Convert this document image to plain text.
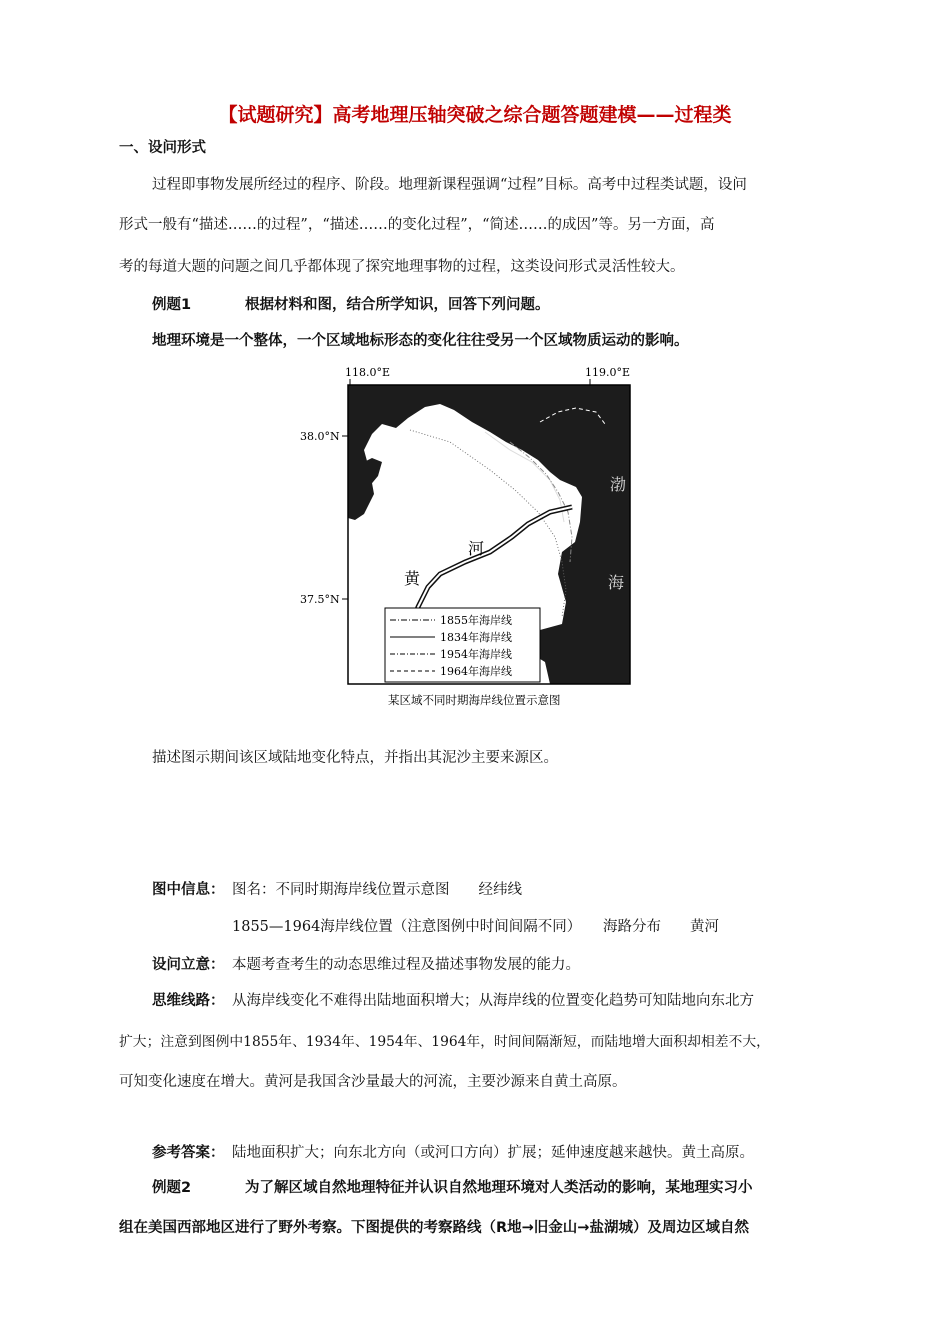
【试题研究】高考地理压轴突破之综合题答题建模——过程类
一、设问形式
过程即事物发展所经过的程序、阶段。地理新课程强调“过程”目标。高考中过程类试题，设问
形式一般有“描述……的过程”，“描述……的变化过程”，“简述……的成因”等。另一方面，高
考的每道大题的问题之间几乎都体现了探究地理事物的过程，这类设问形式灵活性较大。
例题1	根据材料和图，结合所学知识，回答下列问题。
地理环境是一个整体，一个区域地标形态的变化往往受另一个区域物质运动的影响。
118.0°E	119.0°E
38.0°N
37.5°N
渤
海
河
黄
1855年海岸线
1834年海岸线
1954年海岸线
1964年海岸线
某区域不同时期海岸线位置示意图
描述图示期间该区域陆地变化特点，并指出其泥沙主要来源区。
图中信息： 图名：不同时期海岸线位置示意图　　经纬线
1855—1964海岸线位置（注意图例中时间间隔不同）　　海路分布　　黄河
设问立意： 本题考查考生的动态思维过程及描述事物发展的能力。
思维线路： 从海岸线变化不难得出陆地面积增大；从海岸线的位置变化趋势可知陆地向东北方
扩大；注意到图例中1855年、1934年、1954年、1964年，时间间隔渐短，而陆地增大面积却相差不大，
可知变化速度在增大。黄河是我国含沙量最大的河流，主要沙源来自黄土高原。
参考答案： 陆地面积扩大；向东北方向（或河口方向）扩展；延伸速度越来越快。黄土高原。
例题2	为了解区域自然地理特征并认识自然地理环境对人类活动的影响，某地理实习小
组在美国西部地区进行了野外考察。下图提供的考察路线（R地→旧金山→盐湖城）及周边区域自然
